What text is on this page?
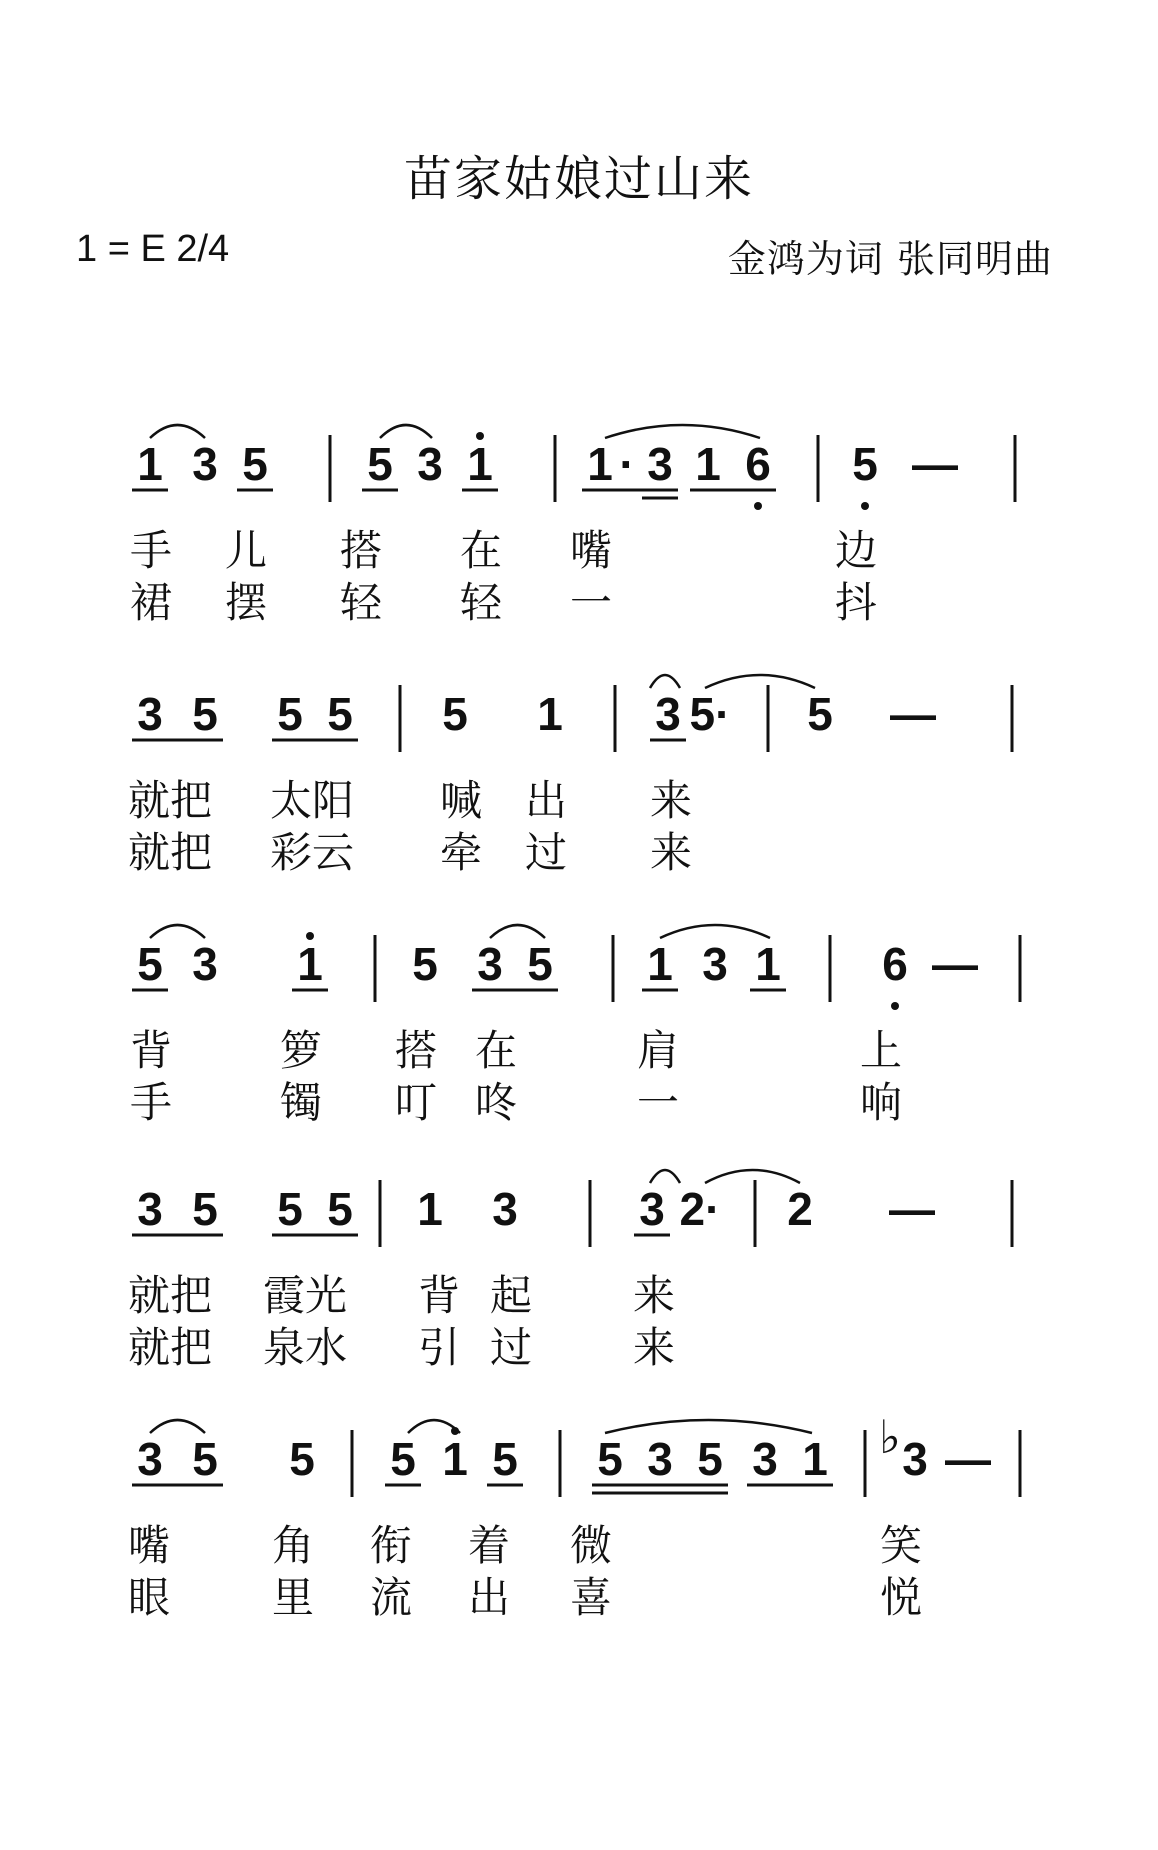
苗家姑娘过山来
1 = E 2/4	金鸿为词 张同明曲
1 3 5 5 3 1 1 · 3 1 6 5 —
3 5 5 5 5 1 3 5· 5 —
5 3 1 5 3 5 1 3 1 6 —
3 5 5 5 1 3	3 2· 2 —
3 5 5 5 1 5 5 3 5 3 1 ♭ 3 —
手 儿 搭 在 嘴	边
裙 摆 轻 轻 一	抖
就把 太阳 喊 出 来
就把 彩云 牵 过 来
背	箩 搭 在	肩	上
手	镯 叮 咚	一	响
就把 霞光 背 起 来
就把 泉水 引 过 来
嘴 角 衔 着 微	笑
眼 里 流 出 喜	悦
